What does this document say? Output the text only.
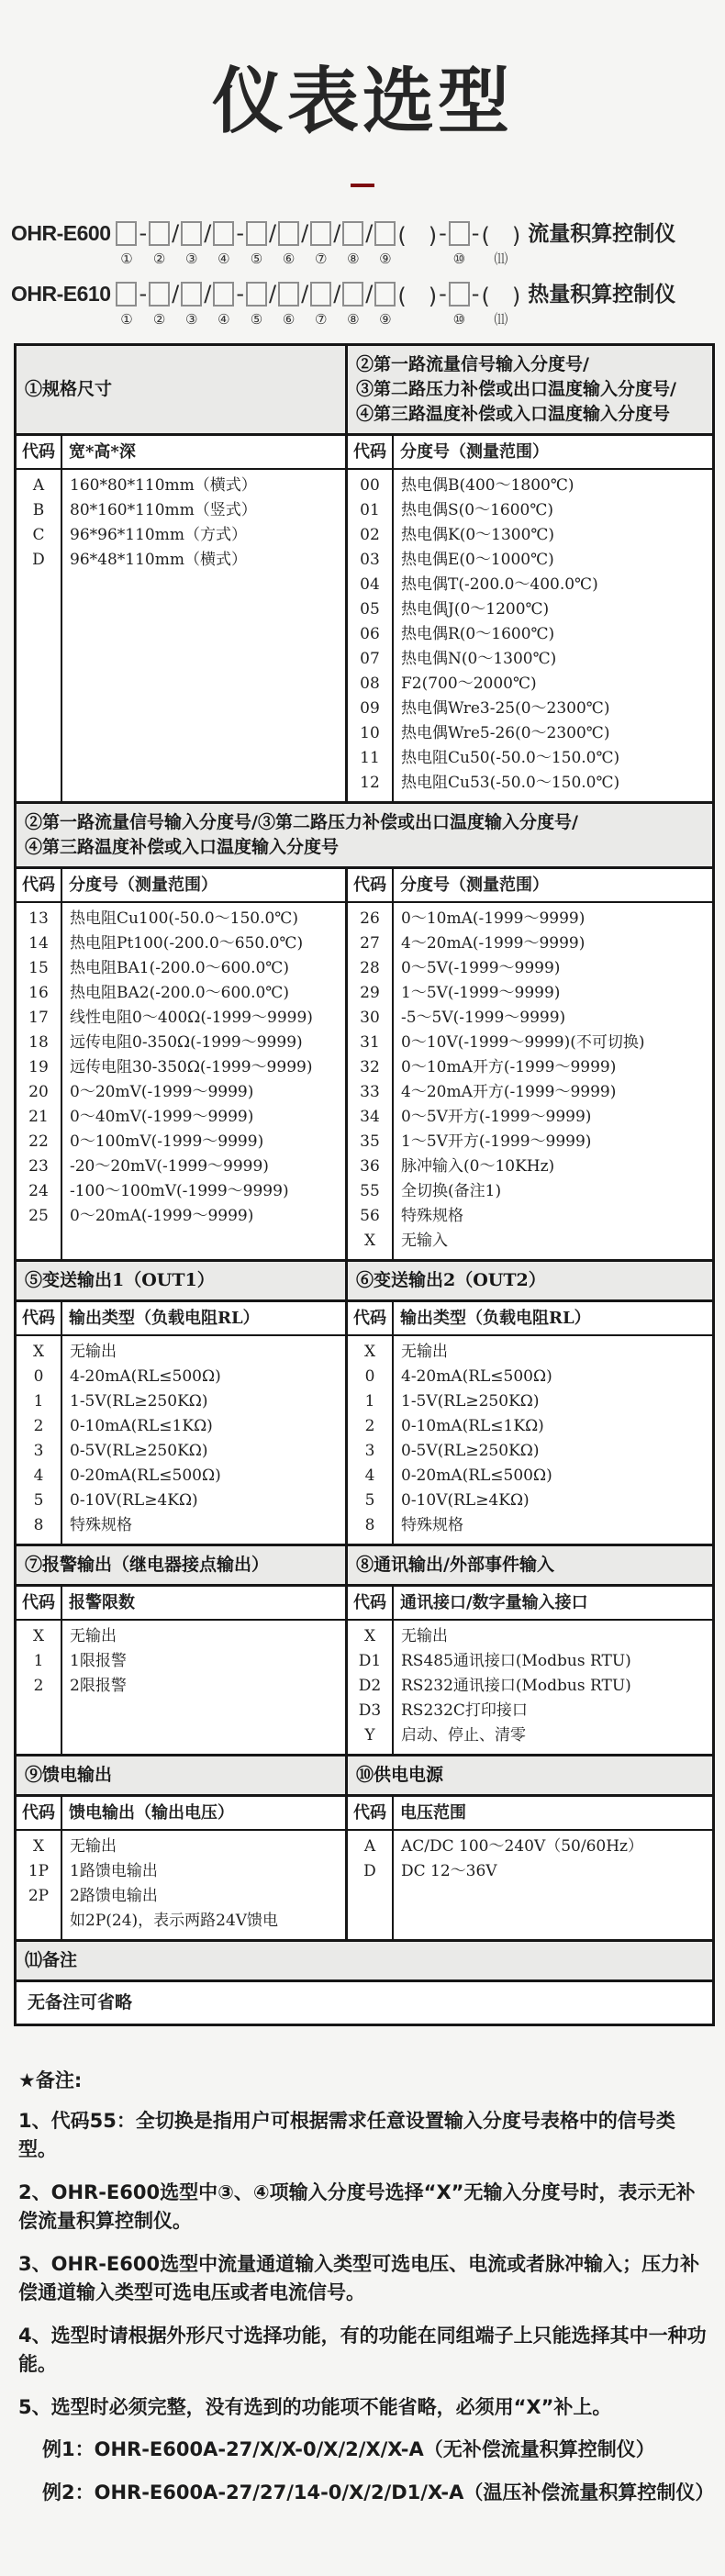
仪表选型
OHR-E600
①
-
②
/
③
/
④
-
⑤
/
⑥
/
⑦
/
⑧
/
⑨
(　) -
⑩
- (　)
⑾
流量积算控制仪
OHR-E610
①
-
②
/
③
/
④
-
⑤
/
⑥
/
⑦
/
⑧
/
⑨
(　) -
⑩
- (　)
⑾
热量积算控制仪
①规格尺寸
②第一路流量信号输入分度号/
③第二路压力补偿或出口温度输入分度号/
④第三路温度补偿或入口温度输入分度号
代码 宽*高*深
A	160*80*110mm（横式）
B	80*160*110mm（竖式）
C	96*96*110mm（方式）
D	96*48*110mm（横式）
代码 分度号（测量范围）
00	热电偶B(400～1800℃)
01	热电偶S(0～1600℃)
02	热电偶K(0～1300℃)
03	热电偶E(0～1000℃)
04	热电偶T(-200.0～400.0℃)
05	热电偶J(0～1200℃)
06	热电偶R(0～1600℃)
07	热电偶N(0～1300℃)
08	F2(700～2000℃)
09	热电偶Wre3-25(0～2300℃)
10	热电偶Wre5-26(0～2300℃)
11	热电阻Cu50(-50.0～150.0℃)
12	热电阻Cu53(-50.0～150.0℃)
②第一路流量信号输入分度号/③第二路压力补偿或出口温度输入分度号/
④第三路温度补偿或入口温度输入分度号
代码 分度号（测量范围）
13	热电阻Cu100(-50.0～150.0℃)
14	热电阻Pt100(-200.0～650.0℃)
15	热电阻BA1(-200.0～600.0℃)
16	热电阻BA2(-200.0～600.0℃)
17	线性电阻0～400Ω(-1999～9999)
18	远传电阻0-350Ω(-1999～9999)
19	远传电阻30-350Ω(-1999～9999)
20	0～20mV(-1999～9999)
21	0～40mV(-1999～9999)
22	0～100mV(-1999～9999)
23	-20～20mV(-1999～9999)
24	-100～100mV(-1999～9999)
25	0～20mA(-1999～9999)
代码 分度号（测量范围）
26	0～10mA(-1999～9999)
27	4～20mA(-1999～9999)
28	0～5V(-1999～9999)
29	1～5V(-1999～9999)
30	-5～5V(-1999～9999)
31	0～10V(-1999～9999)(不可切换)
32	0～10mA开方(-1999～9999)
33	4～20mA开方(-1999～9999)
34	0～5V开方(-1999～9999)
35	1～5V开方(-1999～9999)
36	脉冲输入(0～10KHz)
55	全切换(备注1)
56	特殊规格
X	无输入
⑤变送输出1（OUT1）	⑥变送输出2（OUT2）
代码 输出类型（负载电阻RL）
X	无输出
0	4-20mA(RL≤500Ω)
1	1-5V(RL≥250KΩ)
2	0-10mA(RL≤1KΩ)
3	0-5V(RL≥250KΩ)
4	0-20mA(RL≤500Ω)
5	0-10V(RL≥4KΩ)
8	特殊规格
代码 输出类型（负载电阻RL）
X	无输出
0	4-20mA(RL≤500Ω)
1	1-5V(RL≥250KΩ)
2	0-10mA(RL≤1KΩ)
3	0-5V(RL≥250KΩ)
4	0-20mA(RL≤500Ω)
5	0-10V(RL≥4KΩ)
8	特殊规格
⑦报警输出（继电器接点输出）	⑧通讯输出/外部事件输入
代码 报警限数
X	无输出
1	1限报警
2	2限报警
代码 通讯接口/数字量输入接口
X	无输出
D1	RS485通讯接口(Modbus RTU)
D2	RS232通讯接口(Modbus RTU)
D3	RS232C打印接口
Y	启动、停止、清零
⑨馈电输出	⑩供电电源
代码 馈电输出（输出电压）
X	无输出
1P	1路馈电输出
2P	2路馈电输出
如2P(24)，表示两路24V馈电
代码 电压范围
A	AC/DC 100～240V（50/60Hz）
D	DC 12～36V
⑾备注
无备注可省略
★备注:
1、代码55：全切换是指用户可根据需求任意设置输入分度号表格中的信号类型。
2、OHR-E600选型中③、④项输入分度号选择“X”无输入分度号时，表示无补偿流量积算控制仪。
3、OHR-E600选型中流量通道输入类型可选电压、电流或者脉冲输入；压力补偿通道输入类型可选电压或者电流信号。
4、选型时请根据外形尺寸选择功能，有的功能在同组端子上只能选择其中一种功能。
5、选型时必须完整，没有选到的功能项不能省略，必须用“X”补上。
例1：OHR-E600A-27/X/X-0/X/2/X/X-A（无补偿流量积算控制仪）
例2：OHR-E600A-27/27/14-0/X/2/D1/X-A（温压补偿流量积算控制仪）
